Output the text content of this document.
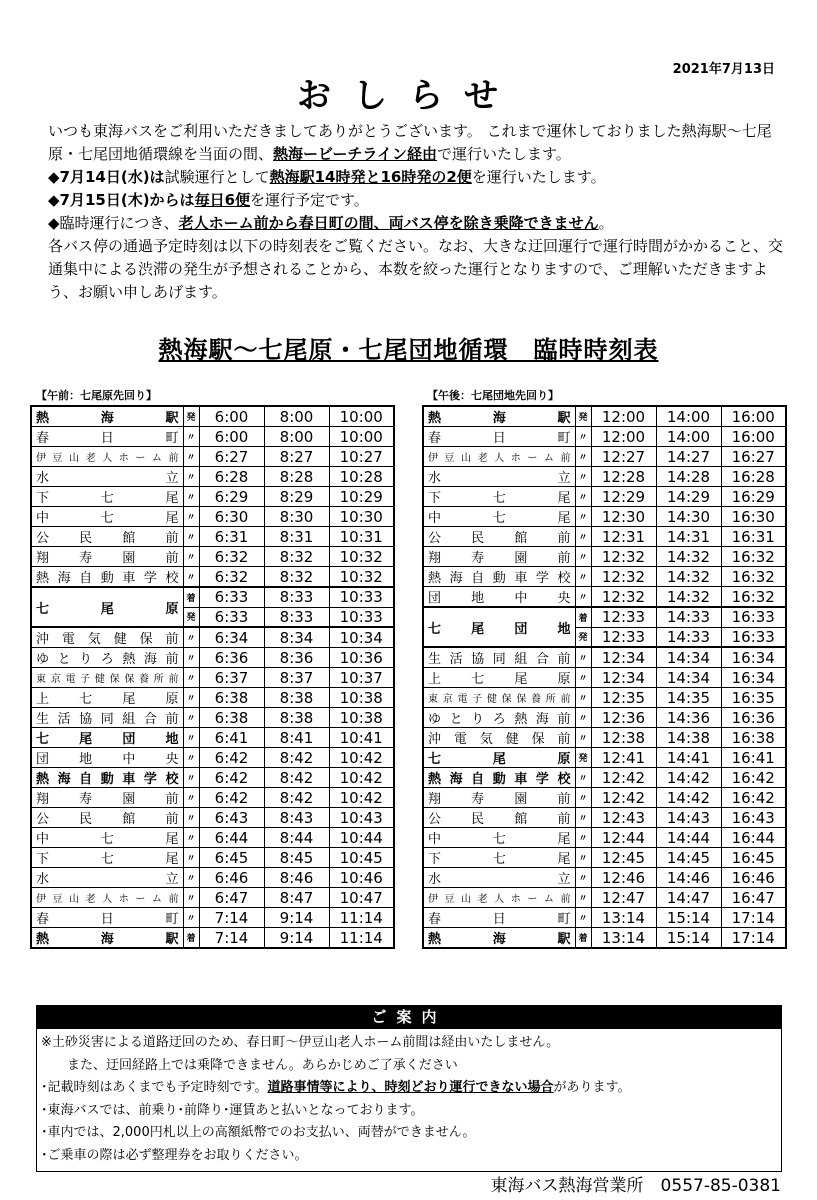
2021年7月13日
おしらせ

いつも東海バスをご利用いただきましてありがとうございます。 これまで運休しておりました熱海駅〜七尾原・七尾団地循環線を当面の間、熱海ービーチライン経由で運行いたします。

◆7月14日(水)は試験運行として熱海駅14時発と16時発の2便を運行いたします。

◆7月15日(木)からは毎日6便を運行予定です。

◆臨時運行につき、老人ホーム前から春日町の間、両バス停を除き乗降できません。

各バス停の通過予定時刻は以下の時刻表をご覧ください。なお、大きな迂回運行で運行時間がかかること、交通集中による渋滞の発生が予想されることから、本数を絞った運行となりますので、ご理解いただきますよう、お願い申しあげます。

熱海駅〜七尾原・七尾団地循環　臨時時刻表
【午前：七尾原先回り】
熱海駅	発	6:00	8:00	10:00
春日町	〃	6:00	8:00	10:00
伊豆山老人ホーム前	〃	6:27	8:27	10:27
水立	〃	6:28	8:28	10:28
下七尾	〃	6:29	8:29	10:29
中七尾	〃	6:30	8:30	10:30
公民館前	〃	6:31	8:31	10:31
翔寿園前	〃	6:32	8:32	10:32
熱海自動車学校	〃	6:32	8:32	10:32
七尾原	着	6:33	8:33	10:33
	発	6:33	8:33	10:33
沖電気健保前	〃	6:34	8:34	10:34
ゆとりろ熱海前	〃	6:36	8:36	10:36
東京電子健保保養所前	〃	6:37	8:37	10:37
上七尾原	〃	6:38	8:38	10:38
生活協同組合前	〃	6:38	8:38	10:38
七尾団地	〃	6:41	8:41	10:41
団地中央	〃	6:42	8:42	10:42
熱海自動車学校	〃	6:42	8:42	10:42
翔寿園前	〃	6:42	8:42	10:42
公民館前	〃	6:43	8:43	10:43
中七尾	〃	6:44	8:44	10:44
下七尾	〃	6:45	8:45	10:45
水立	〃	6:46	8:46	10:46
伊豆山老人ホーム前	〃	6:47	8:47	10:47
春日町	〃	7:14	9:14	11:14
熱海駅	着	7:14	9:14	11:14
【午後：七尾団地先回り】
熱海駅	発	12:00	14:00	16:00
春日町	〃	12:00	14:00	16:00
伊豆山老人ホーム前	〃	12:27	14:27	16:27
水立	〃	12:28	14:28	16:28
下七尾	〃	12:29	14:29	16:29
中七尾	〃	12:30	14:30	16:30
公民館前	〃	12:31	14:31	16:31
翔寿園前	〃	12:32	14:32	16:32
熱海自動車学校	〃	12:32	14:32	16:32
団地中央	〃	12:32	14:32	16:32
七尾団地	着	12:33	14:33	16:33
	発	12:33	14:33	16:33
生活協同組合前	〃	12:34	14:34	16:34
上七尾原	〃	12:34	14:34	16:34
東京電子健保保養所前	〃	12:35	14:35	16:35
ゆとりろ熱海前	〃	12:36	14:36	16:36
沖電気健保前	〃	12:38	14:38	16:38
七尾原	発	12:41	14:41	16:41
熱海自動車学校	〃	12:42	14:42	16:42
翔寿園前	〃	12:42	14:42	16:42
公民館前	〃	12:43	14:43	16:43
中七尾	〃	12:44	14:44	16:44
下七尾	〃	12:45	14:45	16:45
水立	〃	12:46	14:46	16:46
伊豆山老人ホーム前	〃	12:47	14:47	16:47
春日町	〃	13:14	15:14	17:14
熱海駅	着	13:14	15:14	17:14
ご案内

※土砂災害による道路迂回のため、春日町〜伊豆山老人ホーム前間は経由いたしません。

また、迂回経路上では乗降できません。あらかじめご了承ください

･記載時刻はあくまでも予定時刻です。道路事情等により、時刻どおり運行できない場合があります。

･東海バスでは、前乗り･前降り･運賃あと払いとなっております。

･車内では、2,000円札以上の高額紙幣でのお支払い、両替ができません。

･ご乗車の際は必ず整理券をお取りください。

東海バス熱海営業所　0557-85-0381
